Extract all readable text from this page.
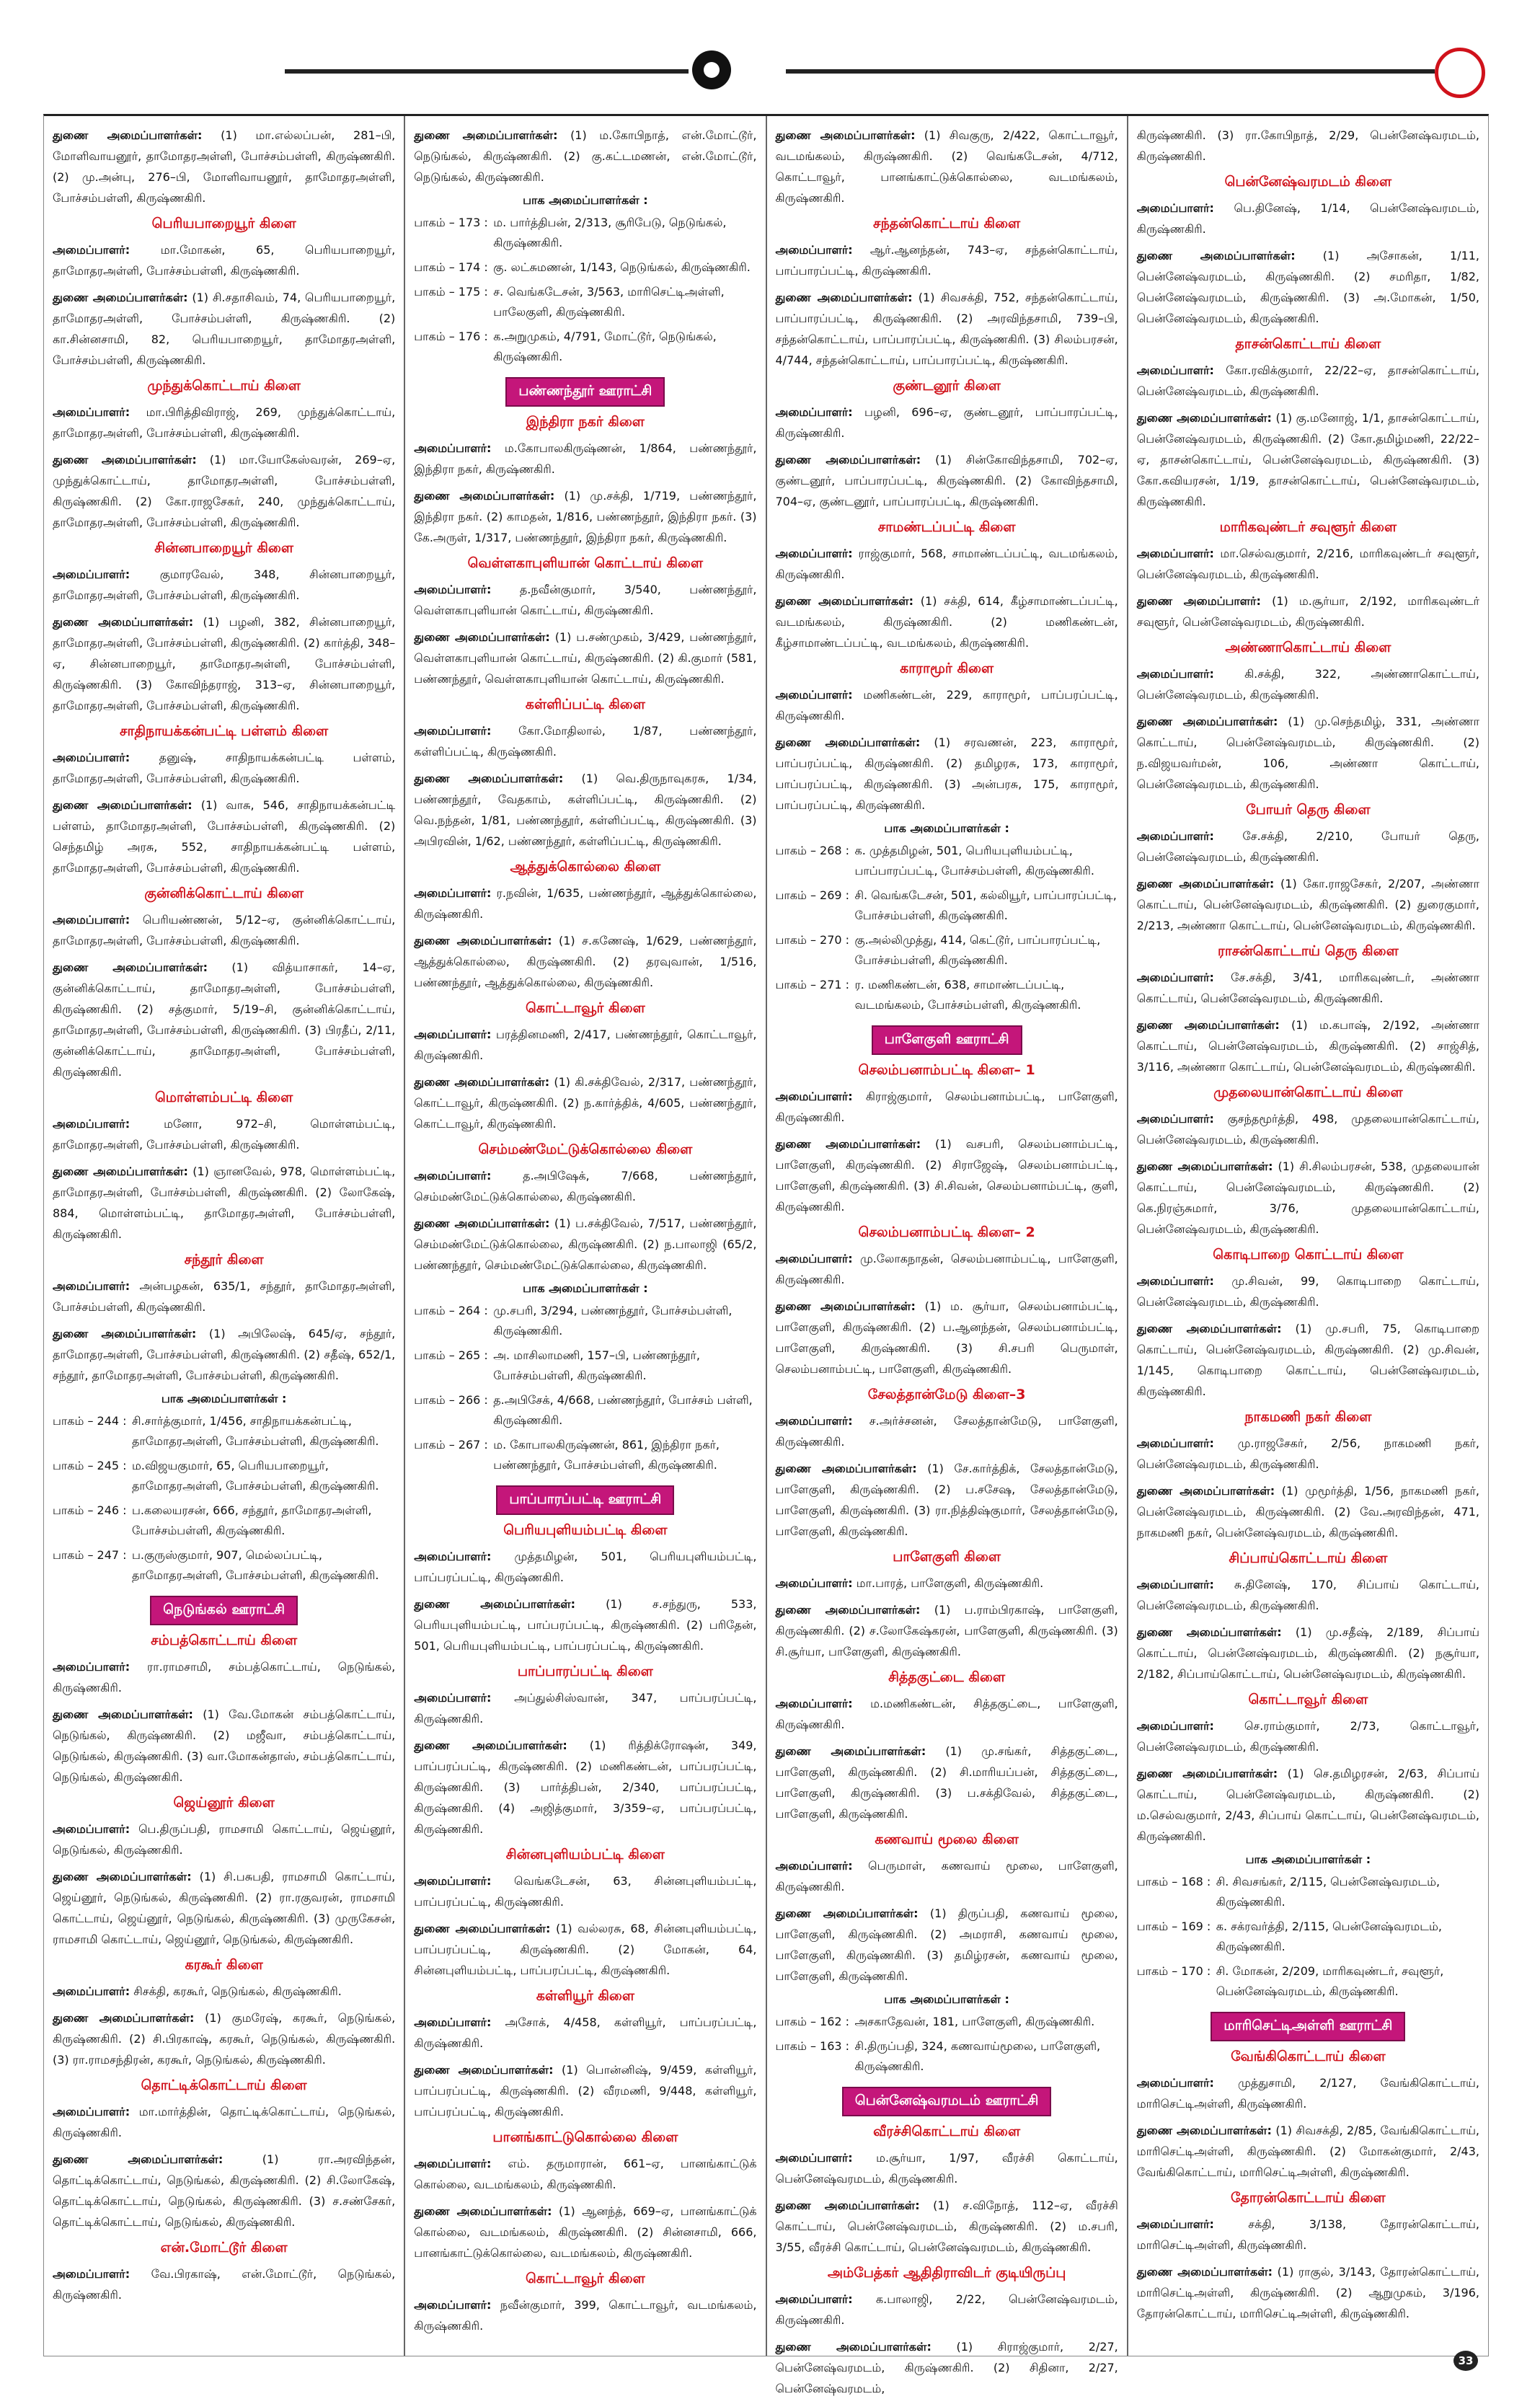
துணை அமைப்பாளர்கள்: (1) மா.எல்லப்பன், 281–பி, மோளிவாயனூர், தாமோதரஅள்ளி, போச்சம்பள்ளி, கிருஷ்ணகிரி. (2) மு.அன்பு, 276–பி, மோளிவாயனூர், தாமோதரஅள்ளி, போச்சம்பள்ளி, கிருஷ்ணகிரி.

பெரியபாறையூர் கிளை

அமைப்பாளர்:	மா.மோகன், 65, பெரியபாறையூர், தாமோதரஅள்ளி, போச்சம்பள்ளி, கிருஷ்ணகிரி.

துணை அமைப்பாளர்கள்: (1) சி.சதாசிவம், 74, பெரியபாறையூர், தாமோதரஅள்ளி, போச்சம்பள்ளி, கிருஷ்ணகிரி. (2) கா.சின்னசாமி, 82, பெரியபாறையூர், தாமோதரஅள்ளி, போச்சம்பள்ளி, கிருஷ்ணகிரி.

முந்துக்கொட்டாய் கிளை

அமைப்பாளர்: மா.பிரித்திவிராஜ், 269, முந்துக்கொட்டாய், தாமோதரஅள்ளி, போச்சம்பள்ளி, கிருஷ்ணகிரி.

துணை அமைப்பாளர்கள்: (1) மா.யோகேஸ்வரன், 269–ஏ, முந்துக்கொட்டாய், தாமோதரஅள்ளி, போச்சம்பள்ளி, கிருஷ்ணகிரி. (2) கோ.ராஜசேகர், 240, முந்துக்கொட்டாய், தாமோதரஅள்ளி, போச்சம்பள்ளி, கிருஷ்ணகிரி.

சின்னபாறையூர் கிளை

அமைப்பாளர்:	குமாரவேல், 348, சின்னபாறையூர், தாமோதரஅள்ளி, போச்சம்பள்ளி, கிருஷ்ணகிரி.

துணை அமைப்பாளர்கள்: (1) பழனி, 382, சின்னபாறையூர், தாமோதரஅள்ளி, போச்சம்பள்ளி, கிருஷ்ணகிரி. (2) கார்த்தி, 348–ஏ, சின்னபாறையூர், தாமோதரஅள்ளி, போச்சம்பள்ளி, கிருஷ்ணகிரி. (3) கோவிந்தராஜ், 313–ஏ, சின்னபாறையூர், தாமோதரஅள்ளி, போச்சம்பள்ளி, கிருஷ்ணகிரி.

சாதிநாயக்கன்பட்டி பள்ளம் கிளை

அமைப்பாளர்:	தனுஷ், சாதிநாயக்கன்பட்டி பள்ளம், தாமோதரஅள்ளி, போச்சம்பள்ளி, கிருஷ்ணகிரி.

துணை அமைப்பாளர்கள்: (1) வாசு, 546, சாதிநாயக்கன்பட்டி பள்ளம், தாமோதரஅள்ளி, போச்சம்பள்ளி, கிருஷ்ணகிரி. (2) செந்தமிழ் அரசு, 552, சாதிநாயக்கன்பட்டி பள்ளம், தாமோதரஅள்ளி, போச்சம்பள்ளி, கிருஷ்ணகிரி.

குன்னிக்கொட்டாய் கிளை

அமைப்பாளர்: பெரியண்ணன், 5/12–ஏ, குன்னிக்கொட்டாய், தாமோதரஅள்ளி, போச்சம்பள்ளி, கிருஷ்ணகிரி.

துணை அமைப்பாளர்கள்: (1) வித்யாசாகர், 14–ஏ, குன்னிக்கொட்டாய், தாமோதரஅள்ளி, போச்சம்பள்ளி, கிருஷ்ணகிரி. (2) சத்குமார், 5/19–சி, குன்னிக்கொட்டாய், தாமோதரஅள்ளி, போச்சம்பள்ளி, கிருஷ்ணகிரி. (3) பிரதீப், 2/11, குன்னிக்கொட்டாய், தாமோதரஅள்ளி, போச்சம்பள்ளி, கிருஷ்ணகிரி.

மொள்ளம்பட்டி கிளை

அமைப்பாளர்:	மனோ, 972–சி, மொள்ளம்பட்டி, தாமோதரஅள்ளி, போச்சம்பள்ளி, கிருஷ்ணகிரி.

துணை அமைப்பாளர்கள்: (1) ஞானவேல், 978, மொள்ளம்பட்டி, தாமோதரஅள்ளி, போச்சம்பள்ளி, கிருஷ்ணகிரி. (2) லோகேஷ், 884, மொள்ளம்பட்டி, தாமோதரஅள்ளி, போச்சம்பள்ளி, கிருஷ்ணகிரி.

சந்தூர் கிளை

அமைப்பாளர்: அன்பழகன், 635/1, சந்தூர், தாமோதரஅள்ளி, போச்சம்பள்ளி, கிருஷ்ணகிரி.

துணை அமைப்பாளர்கள்: (1) அபிலேஷ், 645/ஏ, சந்தூர், தாமோதரஅள்ளி, போச்சம்பள்ளி, கிருஷ்ணகிரி. (2) சதீஷ், 652/1, சந்தூர், தாமோதரஅள்ளி, போச்சம்பள்ளி, கிருஷ்ணகிரி.

பாக அமைப்பாளர்கள் :
பாகம் – 244 : சி.சார்த்குமார், 1/456, சாதிநாயக்கன்பட்டி, தாமோதரஅள்ளி, போச்சம்பள்ளி, கிருஷ்ணகிரி.
பாகம் – 245 : ம.விஜயகுமார், 65, பெரியபாறையூர், தாமோதரஅள்ளி, போச்சம்பள்ளி, கிருஷ்ணகிரி.
பாகம் – 246 : ப.கலையரசன், 666, சந்தூர், தாமோதரஅள்ளி, போச்சம்பள்ளி, கிருஷ்ணகிரி.
பாகம் – 247 : ப.குருஸ்குமார், 907, மெல்லப்பட்டி, தாமோதரஅள்ளி, போச்சம்பள்ளி, கிருஷ்ணகிரி.
நெடுங்கல் ஊராட்சி
சம்பத்கொட்டாய் கிளை

அமைப்பாளர்: ரா.ராமசாமி, சம்பத்கொட்டாய், நெடுங்கல், கிருஷ்ணகிரி.

துணை அமைப்பாளர்கள்: (1) வே.மோகன் சம்பத்கொட்டாய், நெடுங்கல், கிருஷ்ணகிரி. (2) மஜீவா, சம்பத்கொட்டாய், நெடுங்கல், கிருஷ்ணகிரி. (3) வா.மோகன்தாஸ், சம்பத்கொட்டாய், நெடுங்கல், கிருஷ்ணகிரி.

ஜெய்னூர் கிளை

அமைப்பாளர்: பெ.திருப்பதி, ராமசாமி கொட்டாய், ஜெய்னூர், நெடுங்கல், கிருஷ்ணகிரி.

துணை அமைப்பாளர்கள்: (1) சி.பசுபதி, ராமசாமி கொட்டாய், ஜெய்னூர், நெடுங்கல், கிருஷ்ணகிரி. (2) ரா.ரகுவரன், ராமசாமி கொட்டாய், ஜெய்னூர், நெடுங்கல், கிருஷ்ணகிரி. (3) முருகேசன், ராமசாமி கொட்டாய், ஜெய்னூர், நெடுங்கல், கிருஷ்ணகிரி.

கரகூர் கிளை

அமைப்பாளர்: சிசக்தி, கரகூர், நெடுங்கல், கிருஷ்ணகிரி.

துணை அமைப்பாளர்கள்: (1) குமரேஷ், கரகூர், நெடுங்கல், கிருஷ்ணகிரி. (2) சி.பிரகாஷ், கரகூர், நெடுங்கல், கிருஷ்ணகிரி. (3) ரா.ராமசந்திரன், கரகூர், நெடுங்கல், கிருஷ்ணகிரி.

தொட்டிக்கொட்டாய் கிளை

அமைப்பாளர்: மா.மார்த்தின், தொட்டிக்கொட்டாய், நெடுங்கல், கிருஷ்ணகிரி.

துணை அமைப்பாளர்கள்:	(1) ரா.அரவிந்தன், தொட்டிக்கொட்டாய், நெடுங்கல், கிருஷ்ணகிரி. (2) சி.லோகேஷ், தொட்டிக்கொட்டாய், நெடுங்கல், கிருஷ்ணகிரி. (3) ச.சண்சேகர், தொட்டிக்கொட்டாய், நெடுங்கல், கிருஷ்ணகிரி.

என்.மோட்டூர் கிளை

அமைப்பாளர்: வே.பிரகாஷ், என்.மோட்டூர், நெடுங்கல், கிருஷ்ணகிரி.

துணை அமைப்பாளர்கள்: (1) ம.கோபிநாத், என்.மோட்டூர், நெடுங்கல், கிருஷ்ணகிரி. (2) கு.கட்டமணன், என்.மோட்டூர், நெடுங்கல், கிருஷ்ணகிரி.

பாக அமைப்பாளர்கள் :
பாகம் – 173 : ம. பார்த்திபன், 2/313, சூரிபேடு, நெடுங்கல், கிருஷ்ணகிரி.
பாகம் – 174 : கு. லட்சுமணன், 1/143, நெடுங்கல், கிருஷ்ணகிரி.
பாகம் – 175 : ச. வெங்கடேசன், 3/563, மாரிசெட்டிஅள்ளி, பாலேகுளி, கிருஷ்ணகிரி.
பாகம் – 176 : க.அறுமுகம், 4/791, மோட்டூர், நெடுங்கல், கிருஷ்ணகிரி.
பண்ணந்தூர் ஊராட்சி
இந்திரா நகர் கிளை

அமைப்பாளர்: ம.கோபாலகிருஷ்ணன், 1/864, பண்ணந்தூர், இந்திரா நகர், கிருஷ்ணகிரி.

துணை அமைப்பாளர்கள்: (1) மு.சக்தி, 1/719, பண்ணந்தூர், இந்திரா நகர். (2) காமதன், 1/816, பண்ணந்தூர், இந்திரா நகர். (3) கே.அருள், 1/317, பண்ணந்தூர், இந்திரா நகர், கிருஷ்ணகிரி.

வெள்ளகாபுளியான் கொட்டாய் கிளை

அமைப்பாளர்: த.நவீன்குமார், 3/540, பண்ணந்தூர், வெள்ளகாபுளியான் கொட்டாய், கிருஷ்ணகிரி.

துணை அமைப்பாளர்கள்: (1) ப.சண்முகம், 3/429, பண்ணந்தூர், வெள்ளகாபுளியான் கொட்டாய், கிருஷ்ணகிரி. (2) கி.குமார் (581, பண்ணந்தூர், வெள்ளகாபுளியான் கொட்டாய், கிருஷ்ணகிரி.

கள்ளிப்பட்டி கிளை

அமைப்பாளர்: கோ.மோதிலால், 1/87, பண்ணந்தூர், கள்ளிப்பட்டி, கிருஷ்ணகிரி.

துணை அமைப்பாளர்கள்: (1) வெ.திருநாவுகரசு, 1/34, பண்ணந்தூர், வேதகாம், கள்ளிப்பட்டி, கிருஷ்ணகிரி. (2) வெ.நந்தன், 1/81, பண்ணந்தூர், கள்ளிப்பட்டி, கிருஷ்ணகிரி. (3) அபிரவின், 1/62, பண்ணந்தூர், கள்ளிப்பட்டி, கிருஷ்ணகிரி.

ஆத்துக்கொல்லை கிளை

அமைப்பாளர்: ர.நவின், 1/635, பண்ணந்தூர், ஆத்துக்கொல்லை, கிருஷ்ணகிரி.

துணை அமைப்பாளர்கள்: (1) ச.கணேஷ், 1/629, பண்ணந்தூர், ஆத்துக்கொல்லை, கிருஷ்ணகிரி. (2) தரவுவான், 1/516, பண்ணந்தூர், ஆத்துக்கொல்லை, கிருஷ்ணகிரி.

கொட்டாவூர் கிளை

அமைப்பாளர்: பரத்தினமணி, 2/417, பண்ணந்தூர், கொட்டாவூர், கிருஷ்ணகிரி.

துணை அமைப்பாளர்கள்: (1) கி.சக்திவேல், 2/317, பண்ணந்தூர், கொட்டாவூர், கிருஷ்ணகிரி. (2) ந.கார்த்திக், 4/605, பண்ணந்தூர், கொட்டாவூர், கிருஷ்ணகிரி.

செம்மண்மேட்டுக்கொல்லை கிளை

அமைப்பாளர்:	த.அபிஷேக், 7/668, பண்ணந்தூர், செம்மண்மேட்டுக்கொல்லை, கிருஷ்ணகிரி.

துணை அமைப்பாளர்கள்: (1) ப.சக்திவேல், 7/517, பண்ணந்தூர், செம்மண்மேட்டுக்கொல்லை, கிருஷ்ணகிரி. (2) ந.பாலாஜி (65/2, பண்ணந்தூர், செம்மண்மேட்டுக்கொல்லை, கிருஷ்ணகிரி.

பாக அமைப்பாளர்கள் :
பாகம் – 264 : மு.சபரி, 3/294, பண்ணந்தூர், போச்சம்பள்ளி, கிருஷ்ணகிரி.
பாகம் – 265 : அ. மாசிலாமணி, 157–பி, பண்ணந்தூர், போச்சம்பள்ளி, கிருஷ்ணகிரி.
பாகம் – 266 : த.அபிசேக், 4/668, பண்ணந்தூர், போச்சம் பள்ளி, கிருஷ்ணகிரி.
பாகம் – 267 : ம. கோபாலகிருஷ்ணன், 861, இந்திரா நகர், பண்ணந்தூர், போச்சம்பள்ளி, கிருஷ்ணகிரி.
பாப்பாரப்பட்டி ஊராட்சி
பெரியபுளியம்பட்டி கிளை

அமைப்பாளர்: முத்தமிழன், 501, பெரியபுளியம்பட்டி, பாப்பரப்பட்டி, கிருஷ்ணகிரி.

துணை அமைப்பாளர்கள்:	(1) ச.சந்துரு, 533, பெரியபுளியம்பட்டி, பாப்பரப்பட்டி, கிருஷ்ணகிரி. (2) பரிதேன், 501, பெரியபுளியம்பட்டி, பாப்பரப்பட்டி, கிருஷ்ணகிரி.

பாப்பாரப்பட்டி கிளை

அமைப்பாளர்: அப்துல்சிஸ்வான், 347, பாப்பரப்பட்டி, கிருஷ்ணகிரி.

துணை அமைப்பாளர்கள்: (1) ரித்திக்ரோஷன், 349, பாப்பரப்பட்டி, கிருஷ்ணகிரி. (2) மணிகண்டன், பாப்பரப்பட்டி, கிருஷ்ணகிரி. (3) பார்த்திபன், 2/340, பாப்பரப்பட்டி, கிருஷ்ணகிரி. (4) அஜித்குமார், 3/359–ஏ, பாப்பரப்பட்டி, கிருஷ்ணகிரி.

சின்னபுளியம்பட்டி கிளை

அமைப்பாளர்: வெங்கடேசன், 63, சின்னபுளியம்பட்டி, பாப்பரப்பட்டி, கிருஷ்ணகிரி.

துணை அமைப்பாளர்கள்: (1) வல்லரசு, 68, சின்னபுளியம்பட்டி, பாப்பரப்பட்டி, கிருஷ்ணகிரி. (2) மோகன், 64, சின்னபுளியம்பட்டி, பாப்பரப்பட்டி, கிருஷ்ணகிரி.

கள்ளியூர் கிளை

அமைப்பாளர்: அசோக், 4/458, கள்ளியூர், பாப்பரப்பட்டி, கிருஷ்ணகிரி.

துணை அமைப்பாளர்கள்: (1) பொன்னிஷ், 9/459, கள்ளியூர், பாப்பரப்பட்டி, கிருஷ்ணகிரி. (2) வீரமணி, 9/448, கள்ளியூர், பாப்பரப்பட்டி, கிருஷ்ணகிரி.

பானங்காட்டுகொல்லை கிளை

அமைப்பாளர்: எம். தருமாரான், 661–ஏ, பானங்காட்டுக் கொல்லை, வடமங்கலம், கிருஷ்ணகிரி.

துணை அமைப்பாளர்கள்: (1) ஆனந்த், 669–ஏ, பானங்காட்டுக் கொல்லை, வடமங்கலம், கிருஷ்ணகிரி. (2) சின்னசாமி, 666, பானங்காட்டுக்கொல்லை, வடமங்கலம், கிருஷ்ணகிரி.

கொட்டாவூர் கிளை

அமைப்பாளர்: நவீன்குமார், 399, கொட்டாவூர், வடமங்கலம், கிருஷ்ணகிரி.

துணை அமைப்பாளர்கள்: (1) சிவகுரு, 2/422, கொட்டாவூர், வடமங்கலம், கிருஷ்ணகிரி. (2) வெங்கடேசன், 4/712, கொட்டாவூர், பானங்காட்டுக்கொல்லை, வடமங்கலம், கிருஷ்ணகிரி.

சந்தன்கொட்டாய் கிளை

அமைப்பாளர்: ஆர்.ஆனந்தன், 743–ஏ, சந்தன்கொட்டாய், பாப்பாரப்பட்டி, கிருஷ்ணகிரி.

துணை அமைப்பாளர்கள்: (1) சிவசக்தி, 752, சந்தன்கொட்டாய், பாப்பாரப்பட்டி, கிருஷ்ணகிரி. (2) அரவிந்தசாமி, 739–பி, சந்தன்கொட்டாய், பாப்பாரப்பட்டி, கிருஷ்ணகிரி. (3) சிலம்பரசன், 4/744, சந்தன்கொட்டாய், பாப்பாரப்பட்டி, கிருஷ்ணகிரி.

குண்டனூர் கிளை

அமைப்பாளர்: பழனி, 696–ஏ, குண்டனூர், பாப்பாரப்பட்டி, கிருஷ்ணகிரி.

துணை அமைப்பாளர்கள்: (1) சின்கோவிந்தசாமி, 702–ஏ, குண்டனூர், பாப்பாரப்பட்டி, கிருஷ்ணகிரி. (2) கோவிந்தசாமி, 704–ஏ, குண்டனூர், பாப்பாரப்பட்டி, கிருஷ்ணகிரி.

சாமண்டப்பட்டி கிளை

அமைப்பாளர்: ராஜ்குமார், 568, சாமாண்டப்பட்டி, வடமங்கலம், கிருஷ்ணகிரி.

துணை அமைப்பாளர்கள்: (1) சக்தி, 614, கீழ்சாமாண்டப்பட்டி, வடமங்கலம், கிருஷ்ணகிரி. (2) மணிகண்டன், கீழ்சாமாண்டப்பட்டி, வடமங்கலம், கிருஷ்ணகிரி.

காராமூர் கிளை

அமைப்பாளர்: மணிகண்டன், 229, காராமூர், பாப்பரப்பட்டி, கிருஷ்ணகிரி.

துணை அமைப்பாளர்கள்: (1) சரவணன், 223, காராமூர், பாப்பரப்பட்டி, கிருஷ்ணகிரி. (2) தமிழரசு, 173, காராமூர், பாப்பரப்பட்டி, கிருஷ்ணகிரி. (3) அன்பரசு, 175, காராமூர், பாப்பரப்பட்டி, கிருஷ்ணகிரி.

பாக அமைப்பாளர்கள் :
பாகம் – 268 : க. முத்தமிழன், 501, பெரியபுளியம்பட்டி, பாப்பாரப்பட்டி, போச்சம்பள்ளி, கிருஷ்ணகிரி.
பாகம் – 269 : சி. வெங்கடேசன், 501, கல்லியூர், பாப்பாரப்பட்டி, போச்சம்பள்ளி, கிருஷ்ணகிரி.
பாகம் – 270 : கு.அல்லிமுத்து, 414, கெட்டூர், பாப்பாரப்பட்டி, போச்சம்பள்ளி, கிருஷ்ணகிரி.
பாகம் – 271 : ர. மணிகண்டன், 638, சாமாண்டப்பட்டி, வடமங்கலம், போச்சம்பள்ளி, கிருஷ்ணகிரி.
பாளேகுளி ஊராட்சி
செலம்பனாம்பட்டி கிளை– 1

அமைப்பாளர்: கிராஜ்குமார், செலம்பனாம்பட்டி, பாளேகுளி, கிருஷ்ணகிரி.

துணை அமைப்பாளர்கள்: (1) வசபரி, செலம்பனாம்பட்டி, பாளேகுளி, கிருஷ்ணகிரி. (2) சிராஜேஷ், செலம்பனாம்பட்டி, பாளேகுளி, கிருஷ்ணகிரி. (3) சி.சிவன், செலம்பனாம்பட்டி, குளி, கிருஷ்ணகிரி.

செலம்பனாம்பட்டி கிளை– 2

அமைப்பாளர்: மு.லோகநாதன், செலம்பனாம்பட்டி, பாளேகுளி, கிருஷ்ணகிரி.

துணை அமைப்பாளர்கள்: (1) ம. சூர்யா, செலம்பனாம்பட்டி, பாளேகுளி, கிருஷ்ணகிரி. (2) ப.ஆனந்தன், செலம்பனாம்பட்டி, பாளேகுளி, கிருஷ்ணகிரி. (3) சி.சபரி பெருமாள், செலம்பனாம்பட்டி, பாளேகுளி, கிருஷ்ணகிரி.

சேலத்தான்மேடு கிளை–3

அமைப்பாளர்: ச.அர்ச்சனன், சேலத்தான்மேடு, பாளேகுளி, கிருஷ்ணகிரி.

துணை அமைப்பாளர்கள்: (1) சே.கார்த்திக், சேலத்தான்மேடு, பாளேகுளி, கிருஷ்ணகிரி. (2) ப.சசேஷ, சேலத்தான்மேடு, பாளேகுளி, கிருஷ்ணகிரி. (3) ரா.நித்திஷ்குமார், சேலத்தான்மேடு, பாளேகுளி, கிருஷ்ணகிரி.

பாளேகுளி கிளை

அமைப்பாளர்: மா.பாரத், பாளேகுளி, கிருஷ்ணகிரி.

துணை அமைப்பாளர்கள்: (1) ப.ராம்பிரகாஷ், பாளேகுளி, கிருஷ்ணகிரி. (2) ச.லோகேஷ்கரன், பாளேகுளி, கிருஷ்ணகிரி. (3) சி.சூர்யா, பாளேகுளி, கிருஷ்ணகிரி.

சித்தகுட்டை கிளை

அமைப்பாளர்: ம.மணிகண்டன், சித்தகுட்டை, பாளேகுளி, கிருஷ்ணகிரி.

துணை அமைப்பாளர்கள்: (1) மு.சங்கர், சித்தகுட்டை, பாளேகுளி, கிருஷ்ணகிரி. (2) சி.மாரியப்பன், சித்தகுட்டை, பாளேகுளி, கிருஷ்ணகிரி. (3) ப.சக்திவேல், சித்தகுட்டை, பாளேகுளி, கிருஷ்ணகிரி.

கணவாய் மூலை கிளை

அமைப்பாளர்: பெருமாள், கணவாய் மூலை, பாளேகுளி, கிருஷ்ணகிரி.

துணை அமைப்பாளர்கள்: (1) திருப்பதி, கணவாய் மூலை, பாளேகுளி, கிருஷ்ணகிரி. (2) அமராசி, கணவாய் மூலை, பாளேகுளி, கிருஷ்ணகிரி. (3) தமிழ்ரசன், கணவாய் மூலை, பாளேகுளி, கிருஷ்ணகிரி.

பாக அமைப்பாளர்கள் :
பாகம் – 162 : அசகாதேவன், 181, பாளேகுளி, கிருஷ்ணகிரி.
பாகம் – 163 : சி.திருப்பதி, 324, கணவாய்மூலை, பாளேகுளி, கிருஷ்ணகிரி.
பென்னேஷ்வரமடம் ஊராட்சி
வீரச்சிகொட்டாய் கிளை

அமைப்பாளர்: ம.சூர்யா, 1/97, வீரச்சி கொட்டாய், பென்னேஷ்வரமடம், கிருஷ்ணகிரி.

துணை அமைப்பாளர்கள்: (1) ச.விநோத், 112–ஏ, வீரச்சி கொட்டாய், பென்னேஷ்வரமடம், கிருஷ்ணகிரி. (2) ம.சபரி, 3/55, வீரச்சி கொட்டாய், பென்னேஷ்வரமடம், கிருஷ்ணகிரி.

அம்பேத்கர் ஆதிதிராவிடர் குடியிருப்பு

அமைப்பாளர்: க.பாலாஜி, 2/22, பென்னேஷ்வரமடம், கிருஷ்ணகிரி.

துணை அமைப்பாளர்கள்: (1) சிராஜ்குமார், 2/27, பென்னேஷ்வரமடம், கிருஷ்ணகிரி. (2) சிதினா, 2/27, பென்னேஷ்வரமடம்,

கிருஷ்ணகிரி. (3) ரா.கோபிநாத், 2/29, பென்னேஷ்வரமடம், கிருஷ்ணகிரி.

பென்னேஷ்வரமடம் கிளை

அமைப்பாளர்: பெ.தினேஷ், 1/14, பென்னேஷ்வரமடம், கிருஷ்ணகிரி.

துணை அமைப்பாளர்கள்: (1) அசோகன், 1/11, பென்னேஷ்வரமடம், கிருஷ்ணகிரி. (2) சமரிதா, 1/82, பென்னேஷ்வரமடம், கிருஷ்ணகிரி. (3) அ.மோகன், 1/50, பென்னேஷ்வரமடம், கிருஷ்ணகிரி.

தாசன்கொட்டாய் கிளை

அமைப்பாளர்: கோ.ரவிக்குமார், 22/22–ஏ, தாசன்கொட்டாய், பென்னேஷ்வரமடம், கிருஷ்ணகிரி.

துணை அமைப்பாளர்கள்: (1) கு.மனோஜ், 1/1, தாசன்கொட்டாய், பென்னேஷ்வரமடம், கிருஷ்ணகிரி. (2) கோ.தமிழ்மணி, 22/22–ஏ, தாசன்கொட்டாய், பென்னேஷ்வரமடம், கிருஷ்ணகிரி. (3) கோ.கவியரசன், 1/19, தாசன்கொட்டாய், பென்னேஷ்வரமடம், கிருஷ்ணகிரி.

மாரிகவுண்டர் சவுளூர் கிளை

அமைப்பாளர்: மா.செல்வகுமார், 2/216, மாரிகவுண்டர் சவுளூர், பென்னேஷ்வரமடம், கிருஷ்ணகிரி.

துணை அமைப்பாளர்: (1) ம.சூர்யா, 2/192, மாரிகவுண்டர் சவுளூர், பென்னேஷ்வரமடம், கிருஷ்ணகிரி.

அண்ணாகொட்டாய் கிளை

அமைப்பாளர்:	கி.சக்தி, 322, அண்ணாகொட்டாய், பென்னேஷ்வரமடம், கிருஷ்ணகிரி.

துணை அமைப்பாளர்கள்: (1) மு.செந்தமிழ், 331, அண்ணா கொட்டாய், பென்னேஷ்வரமடம், கிருஷ்ணகிரி. (2) ந.விஜயவர்மன், 106, அண்ணா கொட்டாய், பென்னேஷ்வரமடம், கிருஷ்ணகிரி.

போயர் தெரு கிளை

அமைப்பாளர்: சே.சக்தி, 2/210, போயர் தெரு, பென்னேஷ்வரமடம், கிருஷ்ணகிரி.

துணை அமைப்பாளர்கள்: (1) கோ.ராஜசேகர், 2/207, அண்ணா கொட்டாய், பென்னேஷ்வரமடம், கிருஷ்ணகிரி. (2) துரைகுமார், 2/213, அண்ணா கொட்டாய், பென்னேஷ்வரமடம், கிருஷ்ணகிரி.

ராசன்கொட்டாய் தெரு கிளை

அமைப்பாளர்: சே.சக்தி, 3/41, மாரிகவுண்டர், அண்ணா கொட்டாய், பென்னேஷ்வரமடம், கிருஷ்ணகிரி.

துணை அமைப்பாளர்கள்: (1) ம.கபாஷ், 2/192, அண்ணா கொட்டாய், பென்னேஷ்வரமடம், கிருஷ்ணகிரி. (2) சாஜ்சித், 3/116, அண்ணா கொட்டாய், பென்னேஷ்வரமடம், கிருஷ்ணகிரி.

முதலையான்கொட்டாய் கிளை

அமைப்பாளர்: குசந்தமூர்த்தி, 498, முதலையான்கொட்டாய், பென்னேஷ்வரமடம், கிருஷ்ணகிரி.

துணை அமைப்பாளர்கள்: (1) சி.சிலம்பரசன், 538, முதலையான் கொட்டாய், பென்னேஷ்வரமடம், கிருஷ்ணகிரி. (2) கெ.நிரஞ்சுமார், 3/76, முதலையான்கொட்டாய், பென்னேஷ்வரமடம், கிருஷ்ணகிரி.

கொடிபாறை கொட்டாய் கிளை

அமைப்பாளர்: மு.சிவன், 99, கொடிபாறை கொட்டாய், பென்னேஷ்வரமடம், கிருஷ்ணகிரி.

துணை அமைப்பாளர்கள்: (1) மு.சபரி, 75, கொடிபாறை கொட்டாய், பென்னேஷ்வரமடம், கிருஷ்ணகிரி. (2) மு.சிவன், 1/145, கொடிபாறை கொட்டாய், பென்னேஷ்வரமடம், கிருஷ்ணகிரி.

நாகமணி நகர் கிளை

அமைப்பாளர்: மு.ராஜசேகர், 2/56, நாகமணி நகர், பென்னேஷ்வரமடம், கிருஷ்ணகிரி.

துணை அமைப்பாளர்கள்: (1) முமூர்த்தி, 1/56, நாகமணி நகர், பென்னேஷ்வரமடம், கிருஷ்ணகிரி. (2) வே.அரவிந்தன், 471, நாகமணி நகர், பென்னேஷ்வரமடம், கிருஷ்ணகிரி.

சிப்பாய்கொட்டாய் கிளை

அமைப்பாளர்: சு.தினேஷ், 170, சிப்பாய் கொட்டாய், பென்னேஷ்வரமடம், கிருஷ்ணகிரி.

துணை அமைப்பாளர்கள்: (1) மு.சதீஷ், 2/189, சிப்பாய் கொட்டாய், பென்னேஷ்வரமடம், கிருஷ்ணகிரி. (2) நசூர்யா, 2/182, சிப்பாய்கொட்டாய், பென்னேஷ்வரமடம், கிருஷ்ணகிரி.

கொட்டாவூர் கிளை

அமைப்பாளர்:	செ.ராம்குமார், 2/73, கொட்டாவூர், பென்னேஷ்வரமடம், கிருஷ்ணகிரி.

துணை அமைப்பாளர்கள்: (1) செ.தமிழரசன், 2/63, சிப்பாய் கொட்டாய், பென்னேஷ்வரமடம், கிருஷ்ணகிரி. (2) ம.செல்வகுமார், 2/43, சிப்பாய் கொட்டாய், பென்னேஷ்வரமடம், கிருஷ்ணகிரி.

பாக அமைப்பாளர்கள் :
பாகம் – 168 : சி. சிவசங்கர், 2/115, பென்னேஷ்வரமடம், கிருஷ்ணகிரி.
பாகம் – 169 : க. சக்ரவர்த்தி, 2/115, பென்னேஷ்வரமடம், கிருஷ்ணகிரி.
பாகம் – 170 : சி. மோகன், 2/209, மாரிகவுண்டர், சவுளூர், பென்னேஷ்வரமடம், கிருஷ்ணகிரி.
மாரிசெட்டிஅள்ளி ஊராட்சி
வேங்கிகொட்டாய் கிளை

அமைப்பாளர்: முத்துசாமி, 2/127, வேங்கிகொட்டாய், மாரிசெட்டிஅள்ளி, கிருஷ்ணகிரி.

துணை அமைப்பாளர்கள்: (1) சிவசக்தி, 2/85, வேங்கிகொட்டாய், மாரிசெட்டிஅள்ளி, கிருஷ்ணகிரி. (2) மோகன்குமார், 2/43, வேங்கிகொட்டாய், மாரிசெட்டிஅள்ளி, கிருஷ்ணகிரி.

தோரன்கொட்டாய் கிளை

அமைப்பாளர்:	சக்தி, 3/138, தோரன்கொட்டாய், மாரிசெட்டிஅள்ளி, கிருஷ்ணகிரி.

துணை அமைப்பாளர்கள்: (1) ராகுல், 3/143, தோரன்கொட்டாய், மாரிசெட்டிஅள்ளி, கிருஷ்ணகிரி. (2) ஆறுமுகம், 3/196, தோரன்கொட்டாய், மாரிசெட்டிஅள்ளி, கிருஷ்ணகிரி.

33
